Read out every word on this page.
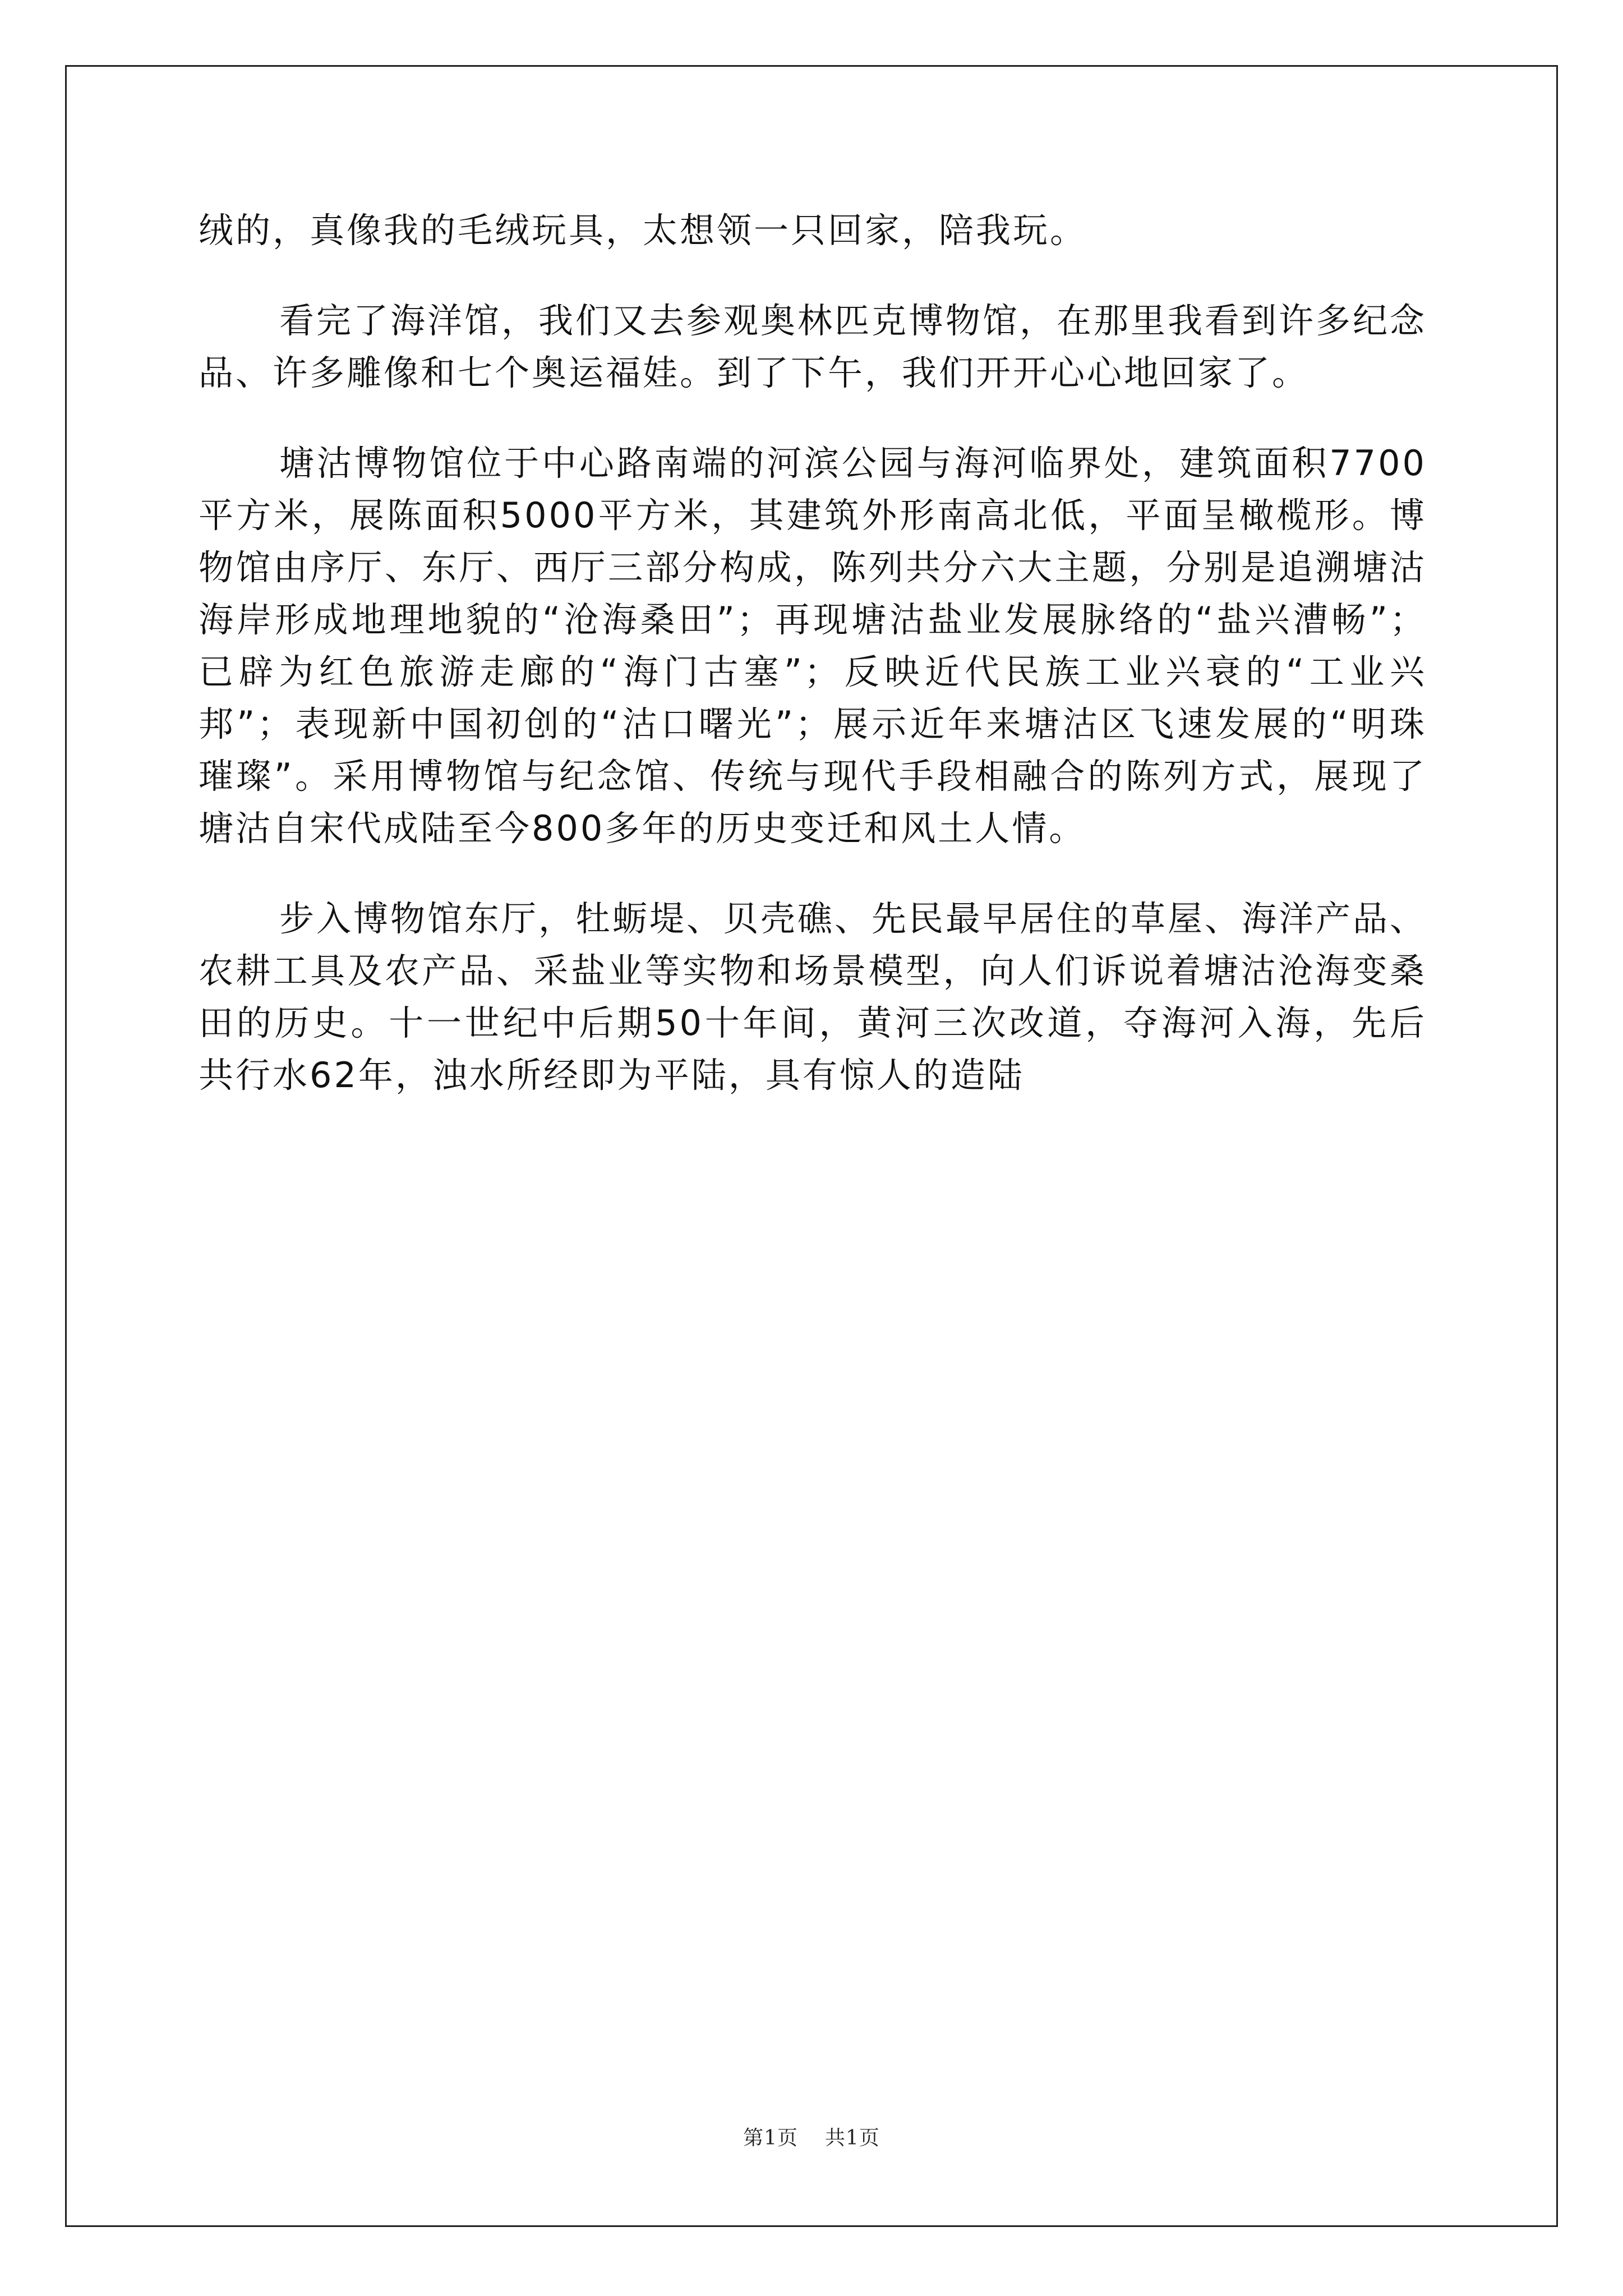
绒的，真像我的毛绒玩具，太想领一只回家，陪我玩。

看完了海洋馆，我们又去参观奥林匹克博物馆，在那里我看到许多纪念品、许多雕像和七个奥运福娃。到了下午，我们开开心心地回家了。

塘沽博物馆位于中心路南端的河滨公园与海河临界处，建筑面积7700平方米，展陈面积5000平方米，其建筑外形南高北低，平面呈橄榄形。博物馆由序厅、东厅、西厅三部分构成，陈列共分六大主题，分别是追溯塘沽海岸形成地理地貌的“沧海桑田”；再现塘沽盐业发展脉络的“盐兴漕畅”；已辟为红色旅游走廊的“海门古塞”；反映近代民族工业兴衰的“工业兴邦”；表现新中国初创的“沽口曙光”；展示近年来塘沽区飞速发展的“明珠璀璨”。采用博物馆与纪念馆、传统与现代手段相融合的陈列方式，展现了塘沽自宋代成陆至今800多年的历史变迁和风土人情。

步入博物馆东厅，牡蛎堤、贝壳礁、先民最早居住的草屋、海洋产品、农耕工具及农产品、采盐业等实物和场景模型，向人们诉说着塘沽沧海变桑田的历史。十一世纪中后期50十年间，黄河三次改道，夺海河入海，先后共行水62年，浊水所经即为平陆，具有惊人的造陆

第1页 共1页
